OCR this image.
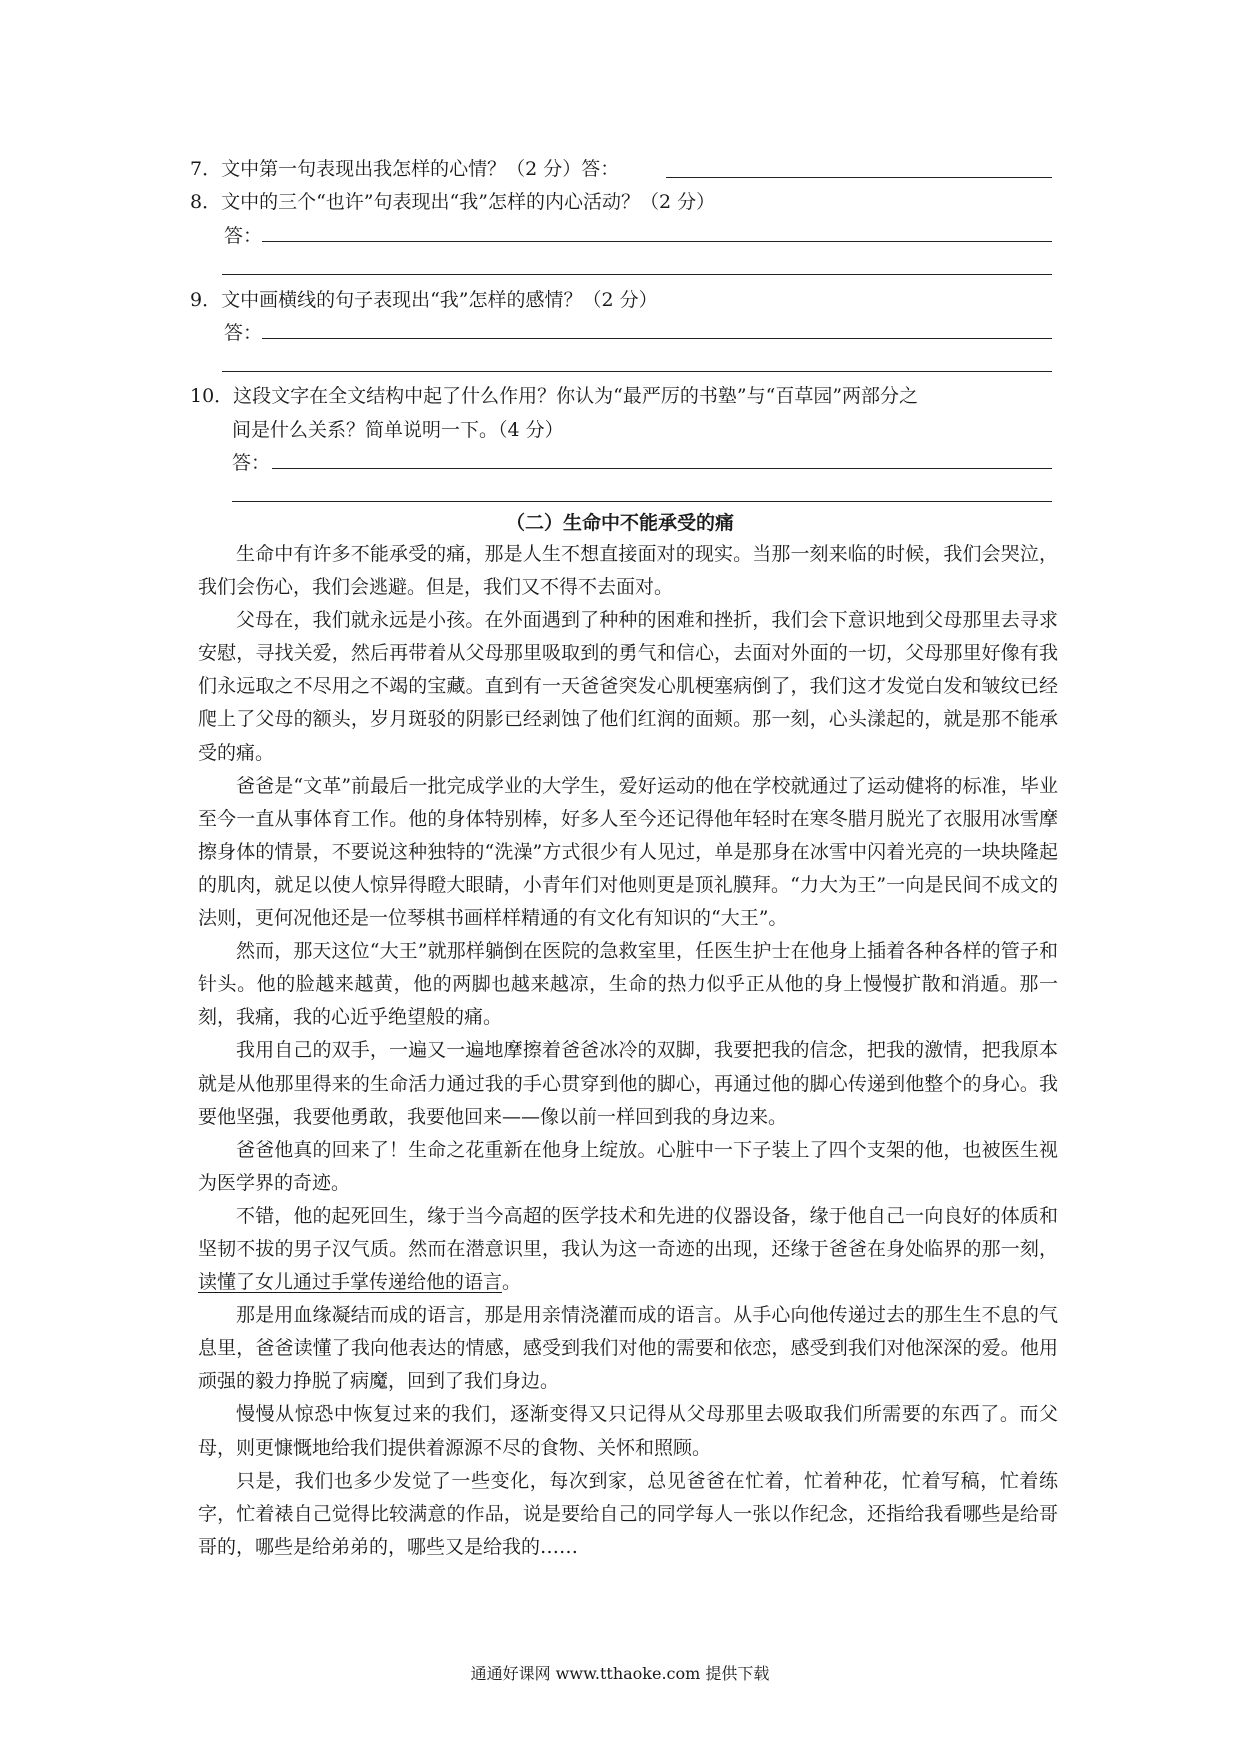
7．文中第一句表现出我怎样的心情？（2 分）答：
8．文中的三个“也许”句表现出“我”怎样的内心活动？（2 分）
答：
9．文中画横线的句子表现出“我”怎样的感情？（2 分）
答：
10．这段文字在全文结构中起了什么作用？你认为“最严厉的书塾”与“百草园”两部分之
间是什么关系？简单说明一下。（4 分）
答：
（二）生命中不能承受的痛

生命中有许多不能承受的痛，那是人生不想直接面对的现实。当那一刻来临的时候，我们会哭泣，我们会伤心，我们会逃避。但是，我们又不得不去面对。

父母在，我们就永远是小孩。在外面遇到了种种的困难和挫折，我们会下意识地到父母那里去寻求安慰，寻找关爱，然后再带着从父母那里吸取到的勇气和信心，去面对外面的一切，父母那里好像有我们永远取之不尽用之不竭的宝藏。直到有一天爸爸突发心肌梗塞病倒了，我们这才发觉白发和皱纹已经爬上了父母的额头，岁月斑驳的阴影已经剥蚀了他们红润的面颊。那一刻，心头漾起的，就是那不能承受的痛。

爸爸是“文革”前最后一批完成学业的大学生，爱好运动的他在学校就通过了运动健将的标准，毕业至今一直从事体育工作。他的身体特别棒，好多人至今还记得他年轻时在寒冬腊月脱光了衣服用冰雪摩擦身体的情景，不要说这种独特的“洗澡”方式很少有人见过，单是那身在冰雪中闪着光亮的一块块隆起的肌肉，就足以使人惊异得瞪大眼睛，小青年们对他则更是顶礼膜拜。“力大为王”一向是民间不成文的法则，更何况他还是一位琴棋书画样样精通的有文化有知识的“大王”。

然而，那天这位“大王”就那样躺倒在医院的急救室里，任医生护士在他身上插着各种各样的管子和针头。他的脸越来越黄，他的两脚也越来越凉，生命的热力似乎正从他的身上慢慢扩散和消遁。那一刻，我痛，我的心近乎绝望般的痛。

我用自己的双手，一遍又一遍地摩擦着爸爸冰冷的双脚，我要把我的信念，把我的激情，把我原本就是从他那里得来的生命活力通过我的手心贯穿到他的脚心，再通过他的脚心传递到他整个的身心。我要他坚强，我要他勇敢，我要他回来——像以前一样回到我的身边来。

爸爸他真的回来了！生命之花重新在他身上绽放。心脏中一下子装上了四个支架的他，也被医生视为医学界的奇迹。

不错，他的起死回生，缘于当今高超的医学技术和先进的仪器设备，缘于他自己一向良好的体质和坚韧不拔的男子汉气质。然而在潜意识里，我认为这一奇迹的出现，还缘于爸爸在身处临界的那一刻，读懂了女儿通过手掌传递给他的语言。

那是用血缘凝结而成的语言，那是用亲情浇灌而成的语言。从手心向他传递过去的那生生不息的气息里，爸爸读懂了我向他表达的情感，感受到我们对他的需要和依恋，感受到我们对他深深的爱。他用顽强的毅力挣脱了病魔，回到了我们身边。

慢慢从惊恐中恢复过来的我们，逐渐变得又只记得从父母那里去吸取我们所需要的东西了。而父母，则更慷慨地给我们提供着源源不尽的食物、关怀和照顾。

只是，我们也多少发觉了一些变化，每次到家，总见爸爸在忙着，忙着种花，忙着写稿，忙着练字，忙着裱自己觉得比较满意的作品，说是要给自己的同学每人一张以作纪念，还指给我看哪些是给哥哥的，哪些是给弟弟的，哪些又是给我的……

通通好课网 www.tthaoke.com 提供下载
